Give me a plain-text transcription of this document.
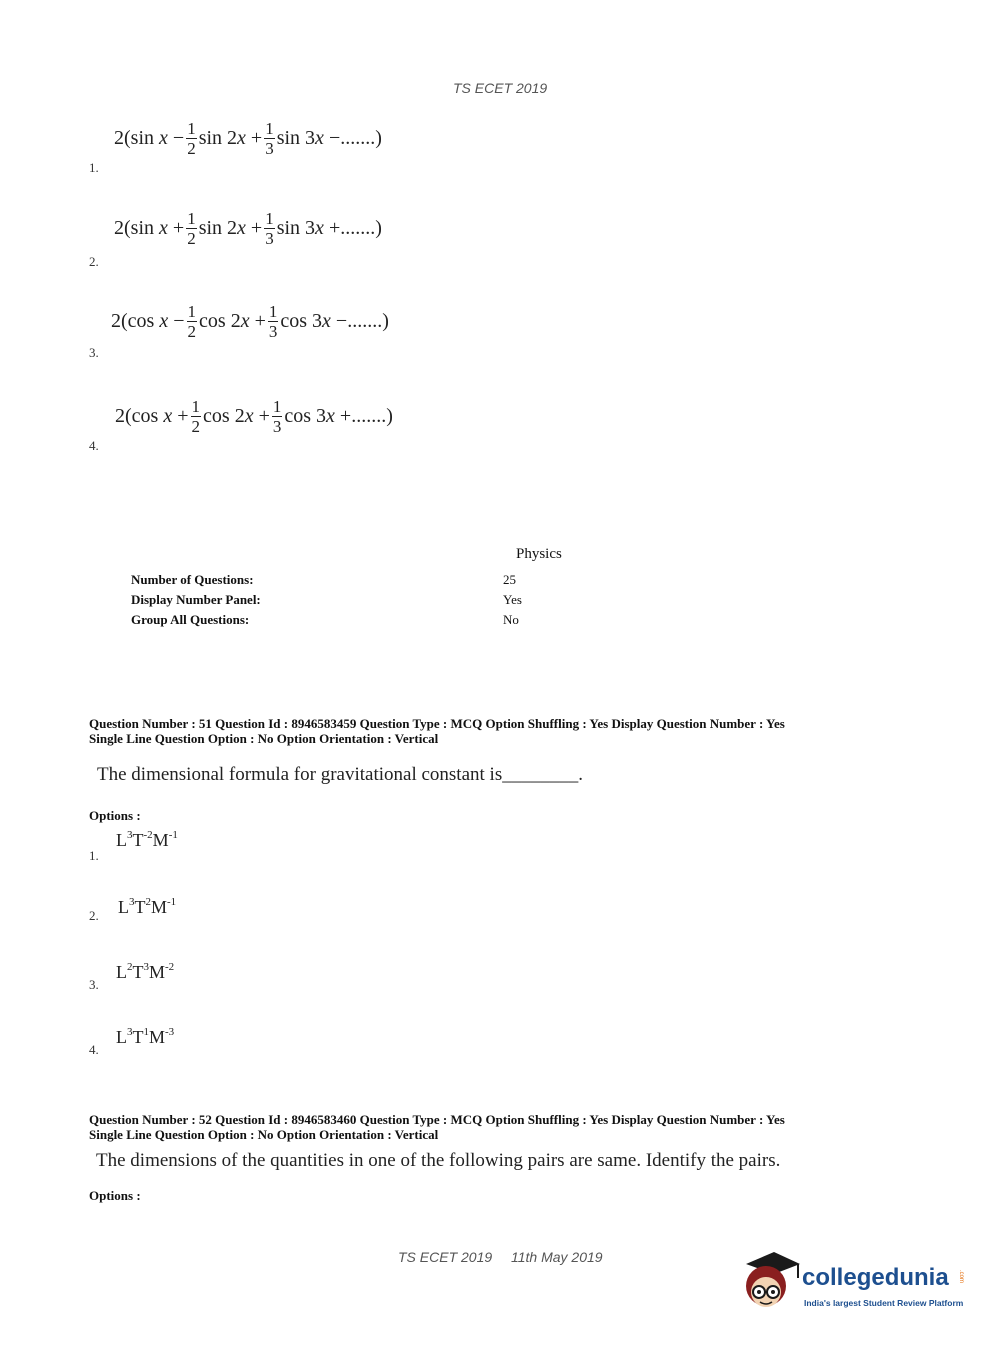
TS ECET 2019
2( sin
x
− $\frac{1}{2}$ sin 2 x
+ $\frac{1}{3}$ sin 3 x
− .......)
1.
2( sin
x
+ $\frac{1}{2}$ sin 2 x
+ $\frac{1}{3}$ sin 3 x
+ .......)
2.
2( cos
x
− $\frac{1}{2}$ cos 2 x
+ $\frac{1}{3}$ cos 3 x
− .......)
3.
2( cos
x
+ $\frac{1}{2}$ cos 2 x
+ $\frac{1}{3}$ cos 3 x
+ .......)
4.
Physics
Number of Questions:	25
Display Number Panel:	Yes
Group All Questions:	No
Question Number : 51 Question Id : 8946583459 Question Type : MCQ Option Shuffling : Yes Display Question Number : Yes
Single Line Question Option : No Option Orientation : Vertical
The dimensional formula for gravitational constant is________.
Options :
$L^3T^{-2}M^{-1}$
1.
$L^3T^2M^{-1}$
2.
$L^2T^3M^{-2}$
3.
$L^3T^1M^{-3}$
4.
Question Number : 52 Question Id : 8946583460 Question Type : MCQ Option Shuffling : Yes Display Question Number : Yes
Single Line Question Option : No Option Orientation : Vertical
The dimensions of the quantities in one of the following pairs are same. Identify the pairs.
Options :
TS ECET 2019 11th May 2019
collegedunia .com
India's largest Student Review Platform
